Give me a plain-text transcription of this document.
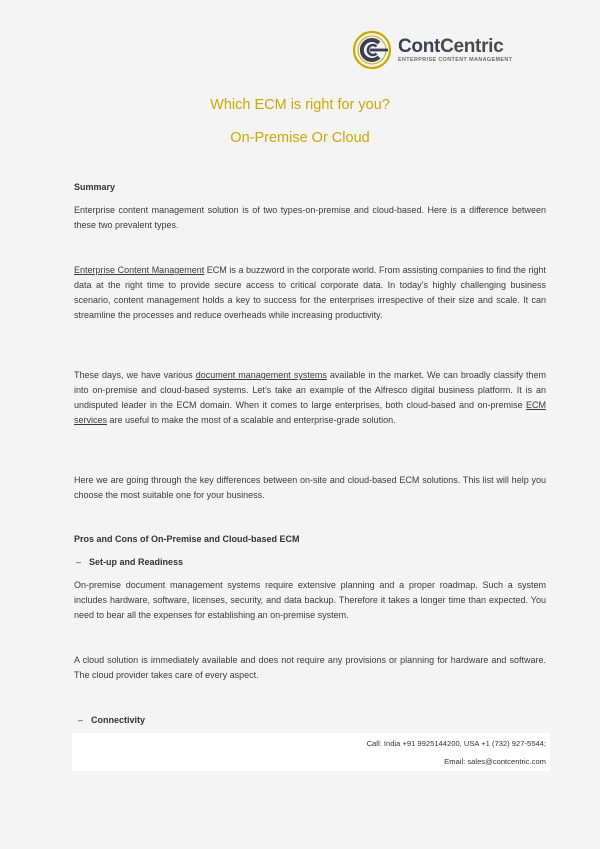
ContCentric
ENTERPRISE CONTENT MANAGEMENT
Which ECM is right for you?
On-Premise Or Cloud
Summary
Enterprise content management solution is of two types-on-premise and cloud-based. Here is a difference between these two prevalent types.
Enterprise Content Management ECM is a buzzword in the corporate world. From assisting companies to find the right data at the right time to provide secure access to critical corporate data. In today’s highly challenging business scenario, content management holds a key to success for the enterprises irrespective of their size and scale. It can streamline the processes and reduce overheads while increasing productivity.
These days, we have various document management systems available in the market. We can broadly classify them into on-premise and cloud-based systems. Let’s take an example of the Alfresco digital business platform. It is an undisputed leader in the ECM domain. When it comes to large enterprises, both cloud-based and on-premise ECM services are useful to make the most of a scalable and enterprise-grade solution.
Here we are going through the key differences between on-site and cloud-based ECM solutions. This list will help you choose the most suitable one for your business.
Pros and Cons of On-Premise and Cloud-based ECM
– Set-up and Readiness
On-premise document management systems require extensive planning and a proper roadmap. Such a system includes hardware, software, licenses, security, and data backup. Therefore it takes a longer time than expected. You need to bear all the expenses for establishing an on-premise system.
A cloud solution is immediately available and does not require any provisions or planning for hardware and software. The cloud provider takes care of every aspect.
– Connectivity
Call: India +91 9925144200, USA +1 (732) 927-5544;
Email: sales@contcentric.com
